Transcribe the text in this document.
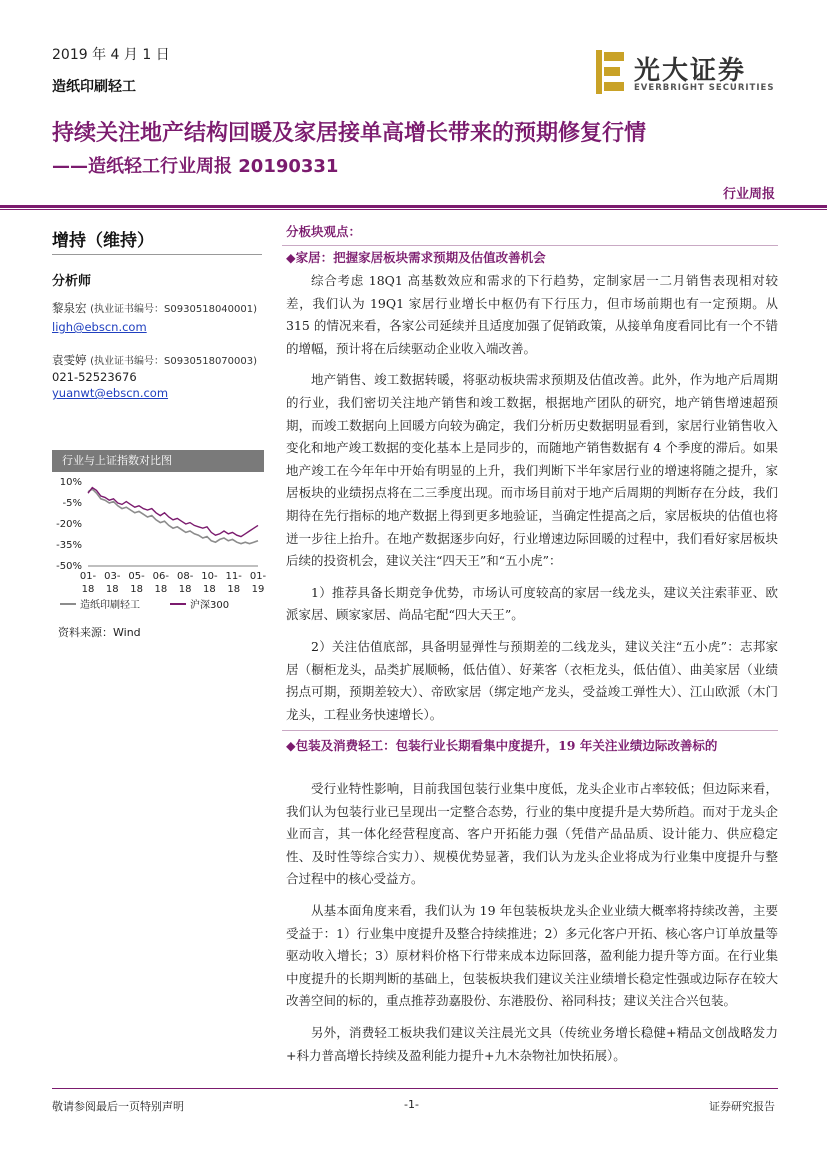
2019 年 4 月 1 日
造纸印刷轻工
光大证券
EVERBRIGHT SECURITIES
持续关注地产结构回暖及家居接单高增长带来的预期修复行情
——造纸轻工行业周报 20190331
行业周报
增持（维持）
分析师
黎泉宏 (执业证书编号：S0930518040001)
ligh@ebscn.com
袁雯婷 (执业证书编号：S0930518070003)
021-52523676
yuanwt@ebscn.com
行业与上证指数对比图
10%
-5%
-20%
-35%
-50%
01-
18
03-
18
05-
18
06-
18
08-
18
10-
18
11-
18
01-
19
造纸印刷轻工	沪深300
资料来源：Wind
分板块观点：
◆家居：把握家居板块需求预期及估值改善机会

综合考虑 18Q1 高基数效应和需求的下行趋势，定制家居一二月销售表现相对较差，我们认为 19Q1 家居行业增长中枢仍有下行压力，但市场前期也有一定预期。从 315 的情况来看，各家公司延续并且适度加强了促销政策，从接单角度看同比有一个不错的增幅，预计将在后续驱动企业收入端改善。

地产销售、竣工数据转暖，将驱动板块需求预期及估值改善。此外，作为地产后周期的行业，我们密切关注地产销售和竣工数据，根据地产团队的研究，地产销售增速超预期，而竣工数据向上回暖方向较为确定，我们分析历史数据明显看到，家居行业销售收入变化和地产竣工数据的变化基本上是同步的，而随地产销售数据有 4 个季度的滞后。如果地产竣工在今年年中开始有明显的上升，我们判断下半年家居行业的增速将随之提升，家居板块的业绩拐点将在二三季度出现。而市场目前对于地产后周期的判断存在分歧，我们期待在先行指标的地产数据上得到更多地验证，当确定性提高之后，家居板块的估值也将迸一步往上抬升。在地产数据逐步向好，行业增速边际回暖的过程中，我们看好家居板块后续的投资机会，建议关注“四天王”和“五小虎”：

1）推荐具备长期竞争优势，市场认可度较高的家居一线龙头，建议关注索菲亚、欧派家居、顾家家居、尚品宅配“四大天王”。

2）关注估值底部，具备明显弹性与预期差的二线龙头，建议关注“五小虎”：志邦家居（橱柜龙头，品类扩展顺畅，低估值）、好莱客（衣柜龙头，低估值）、曲美家居（业绩拐点可期，预期差较大）、帝欧家居（绑定地产龙头，受益竣工弹性大）、江山欧派（木门龙头，工程业务快速增长）。

◆包装及消费轻工：包装行业长期看集中度提升，19 年关注业绩边际改善标的

受行业特性影响，目前我国包装行业集中度低，龙头企业市占率较低；但边际来看，我们认为包装行业已呈现出一定整合态势，行业的集中度提升是大势所趋。而对于龙头企业而言，其一体化经营程度高、客户开拓能力强（凭借产品品质、设计能力、供应稳定性、及时性等综合实力）、规模优势显著，我们认为龙头企业将成为行业集中度提升与整合过程中的核心受益方。

从基本面角度来看，我们认为 19 年包装板块龙头企业业绩大概率将持续改善，主要受益于：1）行业集中度提升及整合持续推进；2）多元化客户开拓、核心客户订单放量等驱动收入增长；3）原材料价格下行带来成本边际回落，盈利能力提升等方面。在行业集中度提升的长期判断的基础上，包装板块我们建议关注业绩增长稳定性强或边际存在较大改善空间的标的，重点推荐劲嘉股份、东港股份、裕同科技；建议关注合兴包装。

另外，消费轻工板块我们建议关注晨光文具（传统业务增长稳健+精品文创战略发力+科力普高增长持续及盈利能力提升+九木杂物社加快拓展）。

敬请参阅最后一页特别声明	-1-	证券研究报告
